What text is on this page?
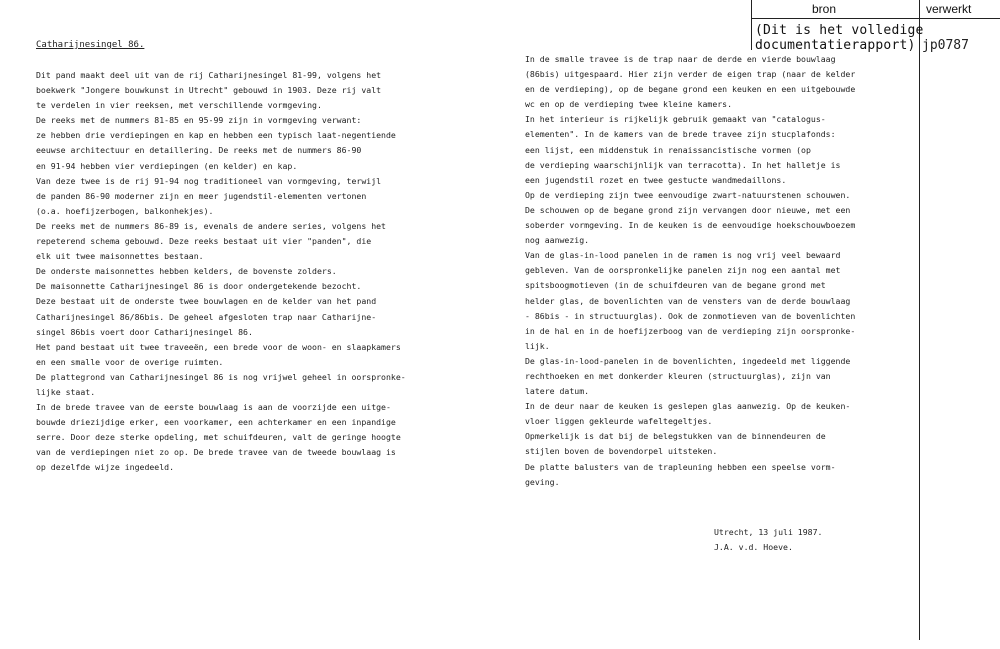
bron	verwerkt
(Dit is het volledige
documentatierapport) jp0787
Catharijnesingel 86.
Dit pand maakt deel uit van de rij Catharijnesingel 81-99, volgens het
boekwerk "Jongere bouwkunst in Utrecht" gebouwd in 1903. Deze rij valt
te verdelen in vier reeksen, met verschillende vormgeving.
De reeks met de nummers 81-85 en 95-99 zijn in vormgeving verwant:
ze hebben drie verdiepingen en kap en hebben een typisch laat-negentiende
eeuwse architectuur en detaillering. De reeks met de nummers 86-90
en 91-94 hebben vier verdiepingen (en kelder) en kap.
Van deze twee is de rij 91-94 nog traditioneel van vormgeving, terwijl
de panden 86-90 moderner zijn en meer jugendstil-elementen vertonen
(o.a. hoefijzerbogen, balkonhekjes).
De reeks met de nummers 86-89 is, evenals de andere series, volgens het
repeterend schema gebouwd. Deze reeks bestaat uit vier "panden", die
elk uit twee maisonnettes bestaan.
De onderste maisonnettes hebben kelders, de bovenste zolders.
De maisonnette Catharijnesingel 86 is door ondergetekende bezocht.
Deze bestaat uit de onderste twee bouwlagen en de kelder van het pand
Catharijnesingel 86/86bis. De geheel afgesloten trap naar Catharijne-
singel 86bis voert door Catharijnesingel 86.
Het pand bestaat uit twee traveeën, een brede voor de woon- en slaapkamers
en een smalle voor de overige ruimten.
De plattegrond van Catharijnesingel 86 is nog vrijwel geheel in oorspronke-
lijke staat.
In de brede travee van de eerste bouwlaag is aan de voorzijde een uitge-
bouwde driezijdige erker, een voorkamer, een achterkamer en een inpandige
serre. Door deze sterke opdeling, met schuifdeuren, valt de geringe hoogte
van de verdiepingen niet zo op. De brede travee van de tweede bouwlaag is
op dezelfde wijze ingedeeld.
In de smalle travee is de trap naar de derde en vierde bouwlaag
(86bis) uitgespaard. Hier zijn verder de eigen trap (naar de kelder
en de verdieping), op de begane grond een keuken en een uitgebouwde
wc en op de verdieping twee kleine kamers.
In het interieur is rijkelijk gebruik gemaakt van "catalogus-
elementen". In de kamers van de brede travee zijn stucplafonds:
een lijst, een middenstuk in renaissancistische vormen (op
de verdieping waarschijnlijk van terracotta). In het halletje is
een jugendstil rozet en twee gestucte wandmedaillons.
Op de verdieping zijn twee eenvoudige zwart-natuurstenen schouwen.
De schouwen op de begane grond zijn vervangen door nieuwe, met een
soberder vormgeving. In de keuken is de eenvoudige hoekschouwboezem
nog aanwezig.
Van de glas-in-lood panelen in de ramen is nog vrij veel bewaard
gebleven. Van de oorspronkelijke panelen zijn nog een aantal met
spitsboogmotieven (in de schuifdeuren van de begane grond met
helder glas, de bovenlichten van de vensters van de derde bouwlaag
- 86bis - in structuurglas). Ook de zonmotieven van de bovenlichten
in de hal en in de hoefijzerboog van de verdieping zijn oorspronke-
lijk.
De glas-in-lood-panelen in de bovenlichten, ingedeeld met liggende
rechthoeken en met donkerder kleuren (structuurglas), zijn van
latere datum.
In de deur naar de keuken is geslepen glas aanwezig. Op de keuken-
vloer liggen gekleurde wafeltegeltjes.
Opmerkelijk is dat bij de belegstukken van de binnendeuren de
stijlen boven de bovendorpel uitsteken.
De platte balusters van de trapleuning hebben een speelse vorm-
geving.
Utrecht, 13 juli 1987.
J.A. v.d. Hoeve.
